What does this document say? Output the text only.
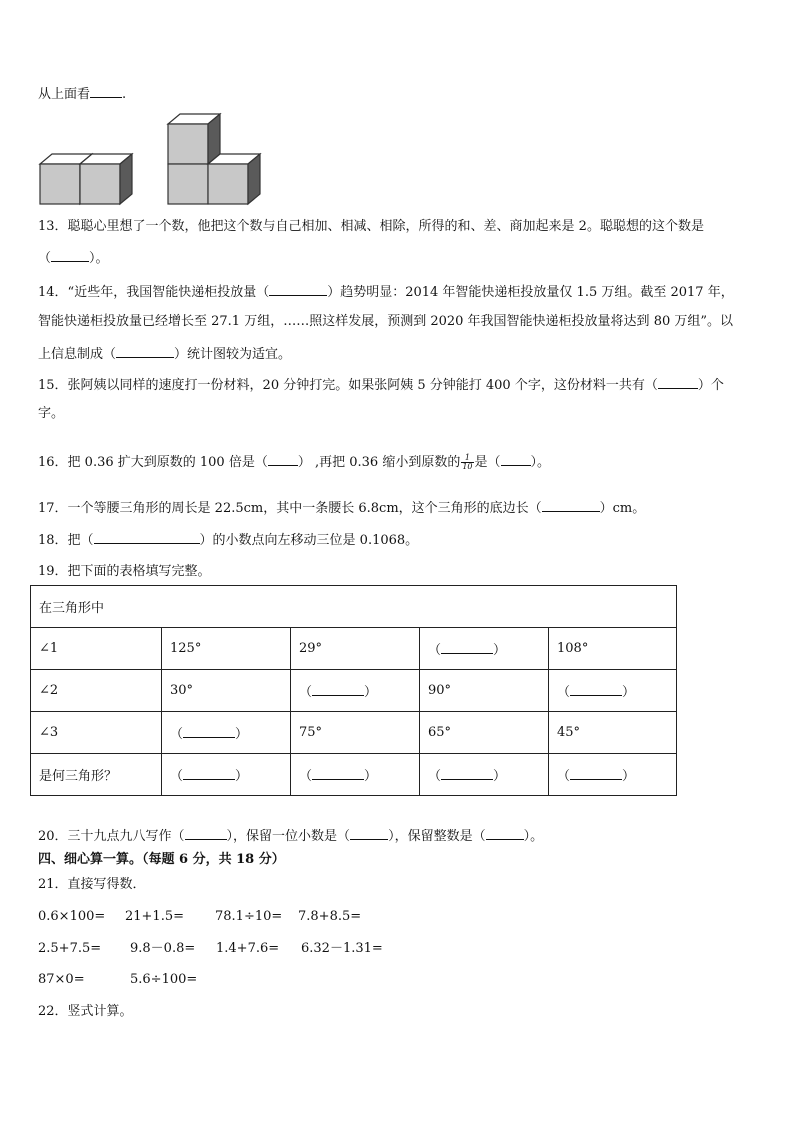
从上面看 .
13．聪聪心里想了一个数，他把这个数与自己相加、相减、相除，所得的和、差、商加起来是 2。聪聪想的这个数是
（	）。
14．“近些年，我国智能快递柜投放量（	）趋势明显：2014 年智能快递柜投放量仅 1.5 万组。截至 2017 年，
智能快递柜投放量已经增长至 27.1 万组，……照这样发展，预测到 2020 年我国智能快递柜投放量将达到 80 万组”。以
上信息制成（	）统计图较为适宜。
15．张阿姨以同样的速度打一份材料，20 分钟打完。如果张阿姨 5 分钟能打 400 个字，这份材料一共有（	）个
字。
16．把 0.36 扩大到原数的 100 倍是（ ） ,再把 0.36 缩小到原数的 $\frac{1}{10}$ 是（ ）。
17．一个等腰三角形的周长是 22.5cm，其中一条腰长 6.8cm，这个三角形的底边长（	）cm。
18．把（	）的小数点向左移动三位是 0.1068。
19．把下面的表格填写完整。
在三角形中				
∠1	125°	29°	（ ）	108°
∠2	30°	（ ）	90°	（ ）
∠3	（ ）	75°	65°	45°
是何三角形？	（ ）	（ ）	（ ）	（ ）
20．三十九点九八写作（	），保留一位小数是（	），保留整数是（	）。
四、细心算一算。（每题 6 分，共 18 分）
21．直接写得数．
0.6×100= 21+1.5= 78.1÷10= 7.8+8.5=
2.5+7.5= 9.8－0.8= 1.4+7.6= 6.32－1.31=
87×0=	5.6÷100=
22．竖式计算。
